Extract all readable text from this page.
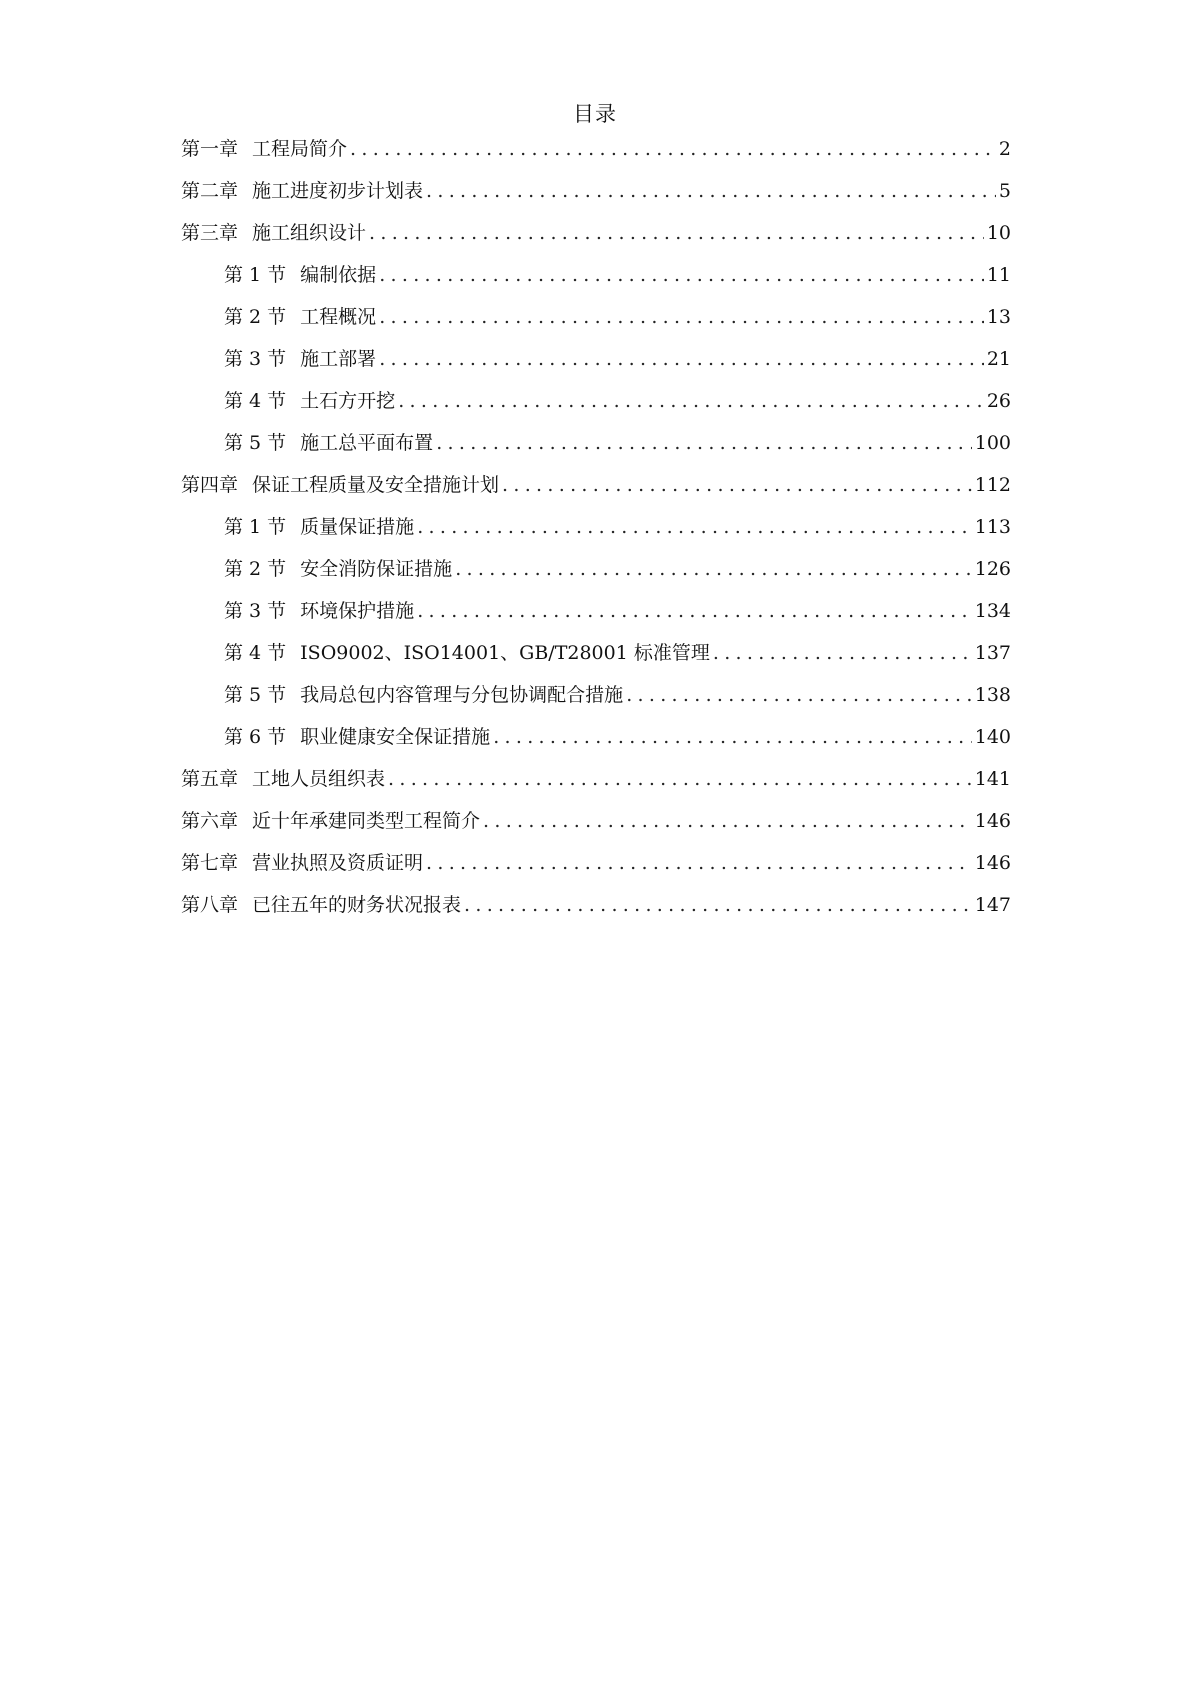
目录
第一章 工程局简介 .....	2
第二章 施工进度初步计划表 .....	5
第三章 施工组织设计 .....	10
第 1 节 编制依据 .....	11
第 2 节 工程概况 .....	13
第 3 节 施工部署 .....	21
第 4 节 土石方开挖 .....	26
第 5 节 施工总平面布置 .....	100
第四章 保证工程质量及安全措施计划 .....	112
第 1 节 质量保证措施 .....	113
第 2 节 安全消防保证措施 .....	126
第 3 节 环境保护措施 .....	134
第 4 节 ISO9002、ISO14001、GB/T28001 标准管理 .....	137
第 5 节 我局总包内容管理与分包协调配合措施 .....	138
第 6 节 职业健康安全保证措施 .....	140
第五章 工地人员组织表 .....	141
第六章 近十年承建同类型工程简介 .....	146
第七章 营业执照及资质证明 .....	146
第八章 已往五年的财务状况报表 .....	147
